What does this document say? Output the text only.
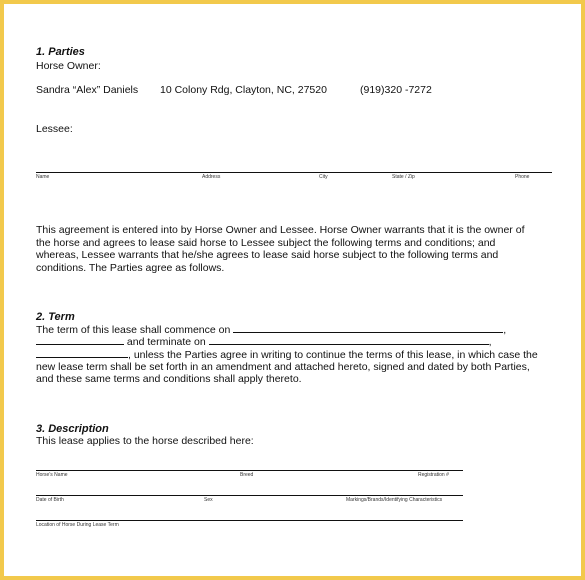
1. Parties
Horse Owner:
Sandra “Alex” Daniels 10 Colony Rdg, Clayton, NC, 27520	(919)320 -7272
Lessee:
Name	Address	City	State / Zip	Phone
This agreement is entered into by Horse Owner and Lessee. Horse Owner warrants that it is the owner of
the horse and agrees to lease said horse to Lessee subject the following terms and conditions; and
whereas, Lessee warrants that he/she agrees to lease said horse subject to the following terms and
conditions. The Parties agree as follows.
2. Term
The term of this lease shall commence on	,
and terminate on	,
, unless the Parties agree in writing to continue the terms of this lease, in which case the
new lease term shall be set forth in an amendment and attached hereto, signed and dated by both Parties,
and these same terms and conditions shall apply thereto.
3. Description
This lease applies to the horse described here:
Horse's Name	Breed	Registration #
Date of Birth	Sex	Markings/Brands/Identifying Characteristics
Location of Horse During Lease Term
